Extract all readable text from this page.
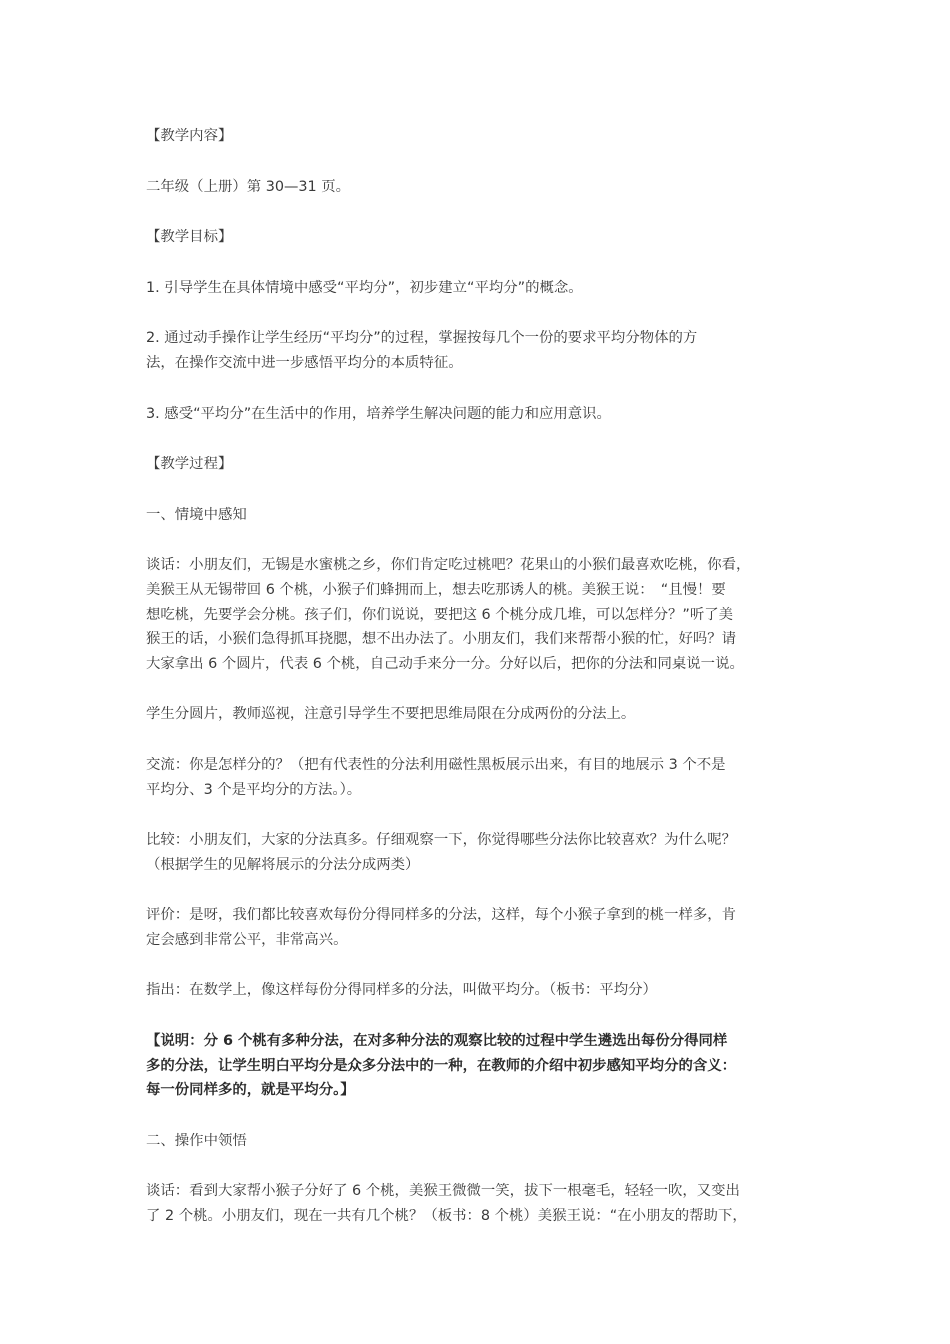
【教学内容】

二年级（上册）第 30—31 页。

【教学目标】

1. 引导学生在具体情境中感受“平均分”，初步建立“平均分”的概念。

2. 通过动手操作让学生经历“平均分”的过程，掌握按每几个一份的要求平均分物体的方
法，在操作交流中进一步感悟平均分的本质特征。

3. 感受“平均分”在生活中的作用，培养学生解决问题的能力和应用意识。

【教学过程】

一、情境中感知

谈话：小朋友们，无锡是水蜜桃之乡，你们肯定吃过桃吧？花果山的小猴们最喜欢吃桃，你看，
美猴王从无锡带回 6 个桃，小猴子们蜂拥而上，想去吃那诱人的桃。美猴王说：　“且慢！要
想吃桃，先要学会分桃。孩子们，你们说说，要把这 6 个桃分成几堆，可以怎样分？”听了美
猴王的话，小猴们急得抓耳挠腮，想不出办法了。小朋友们，我们来帮帮小猴的忙，好吗？请
大家拿出 6 个圆片，代表 6 个桃，自己动手来分一分。分好以后，把你的分法和同桌说一说。

学生分圆片，教师巡视，注意引导学生不要把思维局限在分成两份的分法上。

交流：你是怎样分的？（把有代表性的分法利用磁性黑板展示出来，有目的地展示 3 个不是
平均分、3 个是平均分的方法。）。

比较：小朋友们，大家的分法真多。仔细观察一下，你觉得哪些分法你比较喜欢？为什么呢？
（根据学生的见解将展示的分法分成两类）

评价：是呀，我们都比较喜欢每份分得同样多的分法，这样，每个小猴子拿到的桃一样多，肯
定会感到非常公平，非常高兴。

指出：在数学上，像这样每份分得同样多的分法，叫做平均分。（板书：平均分）

【说明：分 6 个桃有多种分法，在对多种分法的观察比较的过程中学生遴选出每份分得同样
多的分法，让学生明白平均分是众多分法中的一种，在教师的介绍中初步感知平均分的含义：
每一份同样多的，就是平均分。】

二、操作中领悟

谈话：看到大家帮小猴子分好了 6 个桃，美猴王微微一笑，拔下一根毫毛，轻轻一吹，又变出
了 2 个桃。小朋友们，现在一共有几个桃？（板书：8 个桃）美猴王说：“在小朋友的帮助下，
